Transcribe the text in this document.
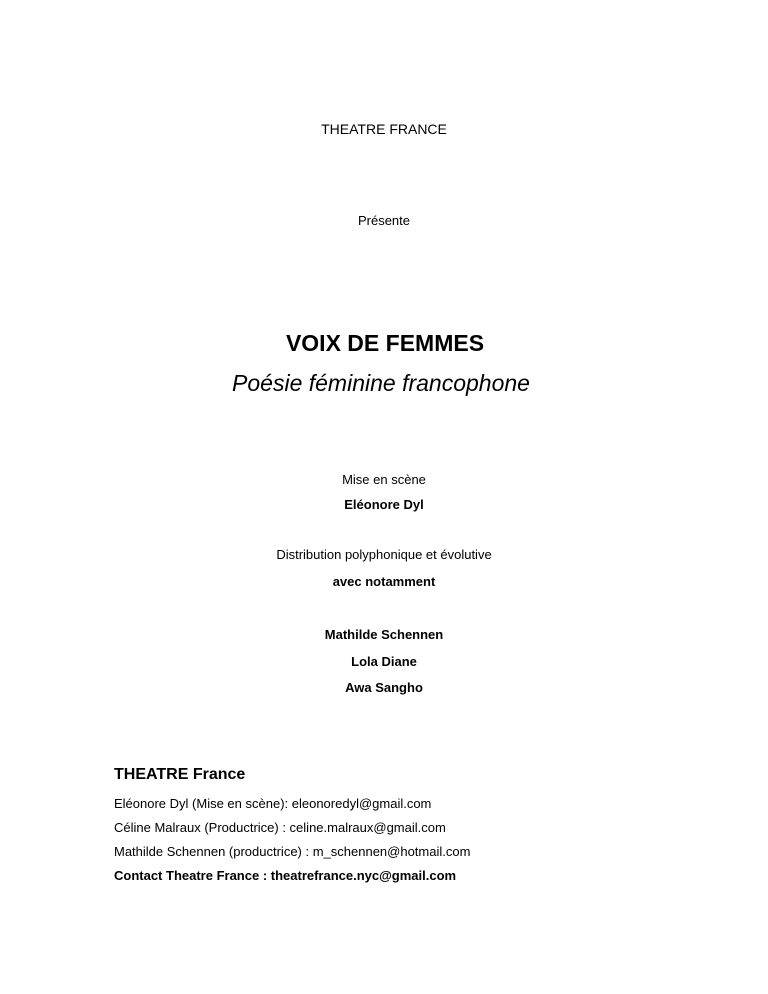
THEATRE FRANCE
Présente
VOIX DE FEMMES
Poésie féminine francophone
Mise en scène
Eléonore Dyl
Distribution polyphonique et évolutive
avec notamment
Mathilde Schennen
Lola Diane
Awa Sangho
THEATRE France
Eléonore Dyl (Mise en scène): eleonoredyl@gmail.com
Céline Malraux (Productrice) : celine.malraux@gmail.com
Mathilde Schennen (productrice) : m_schennen@hotmail.com
Contact Theatre France : theatrefrance.nyc@gmail.com
